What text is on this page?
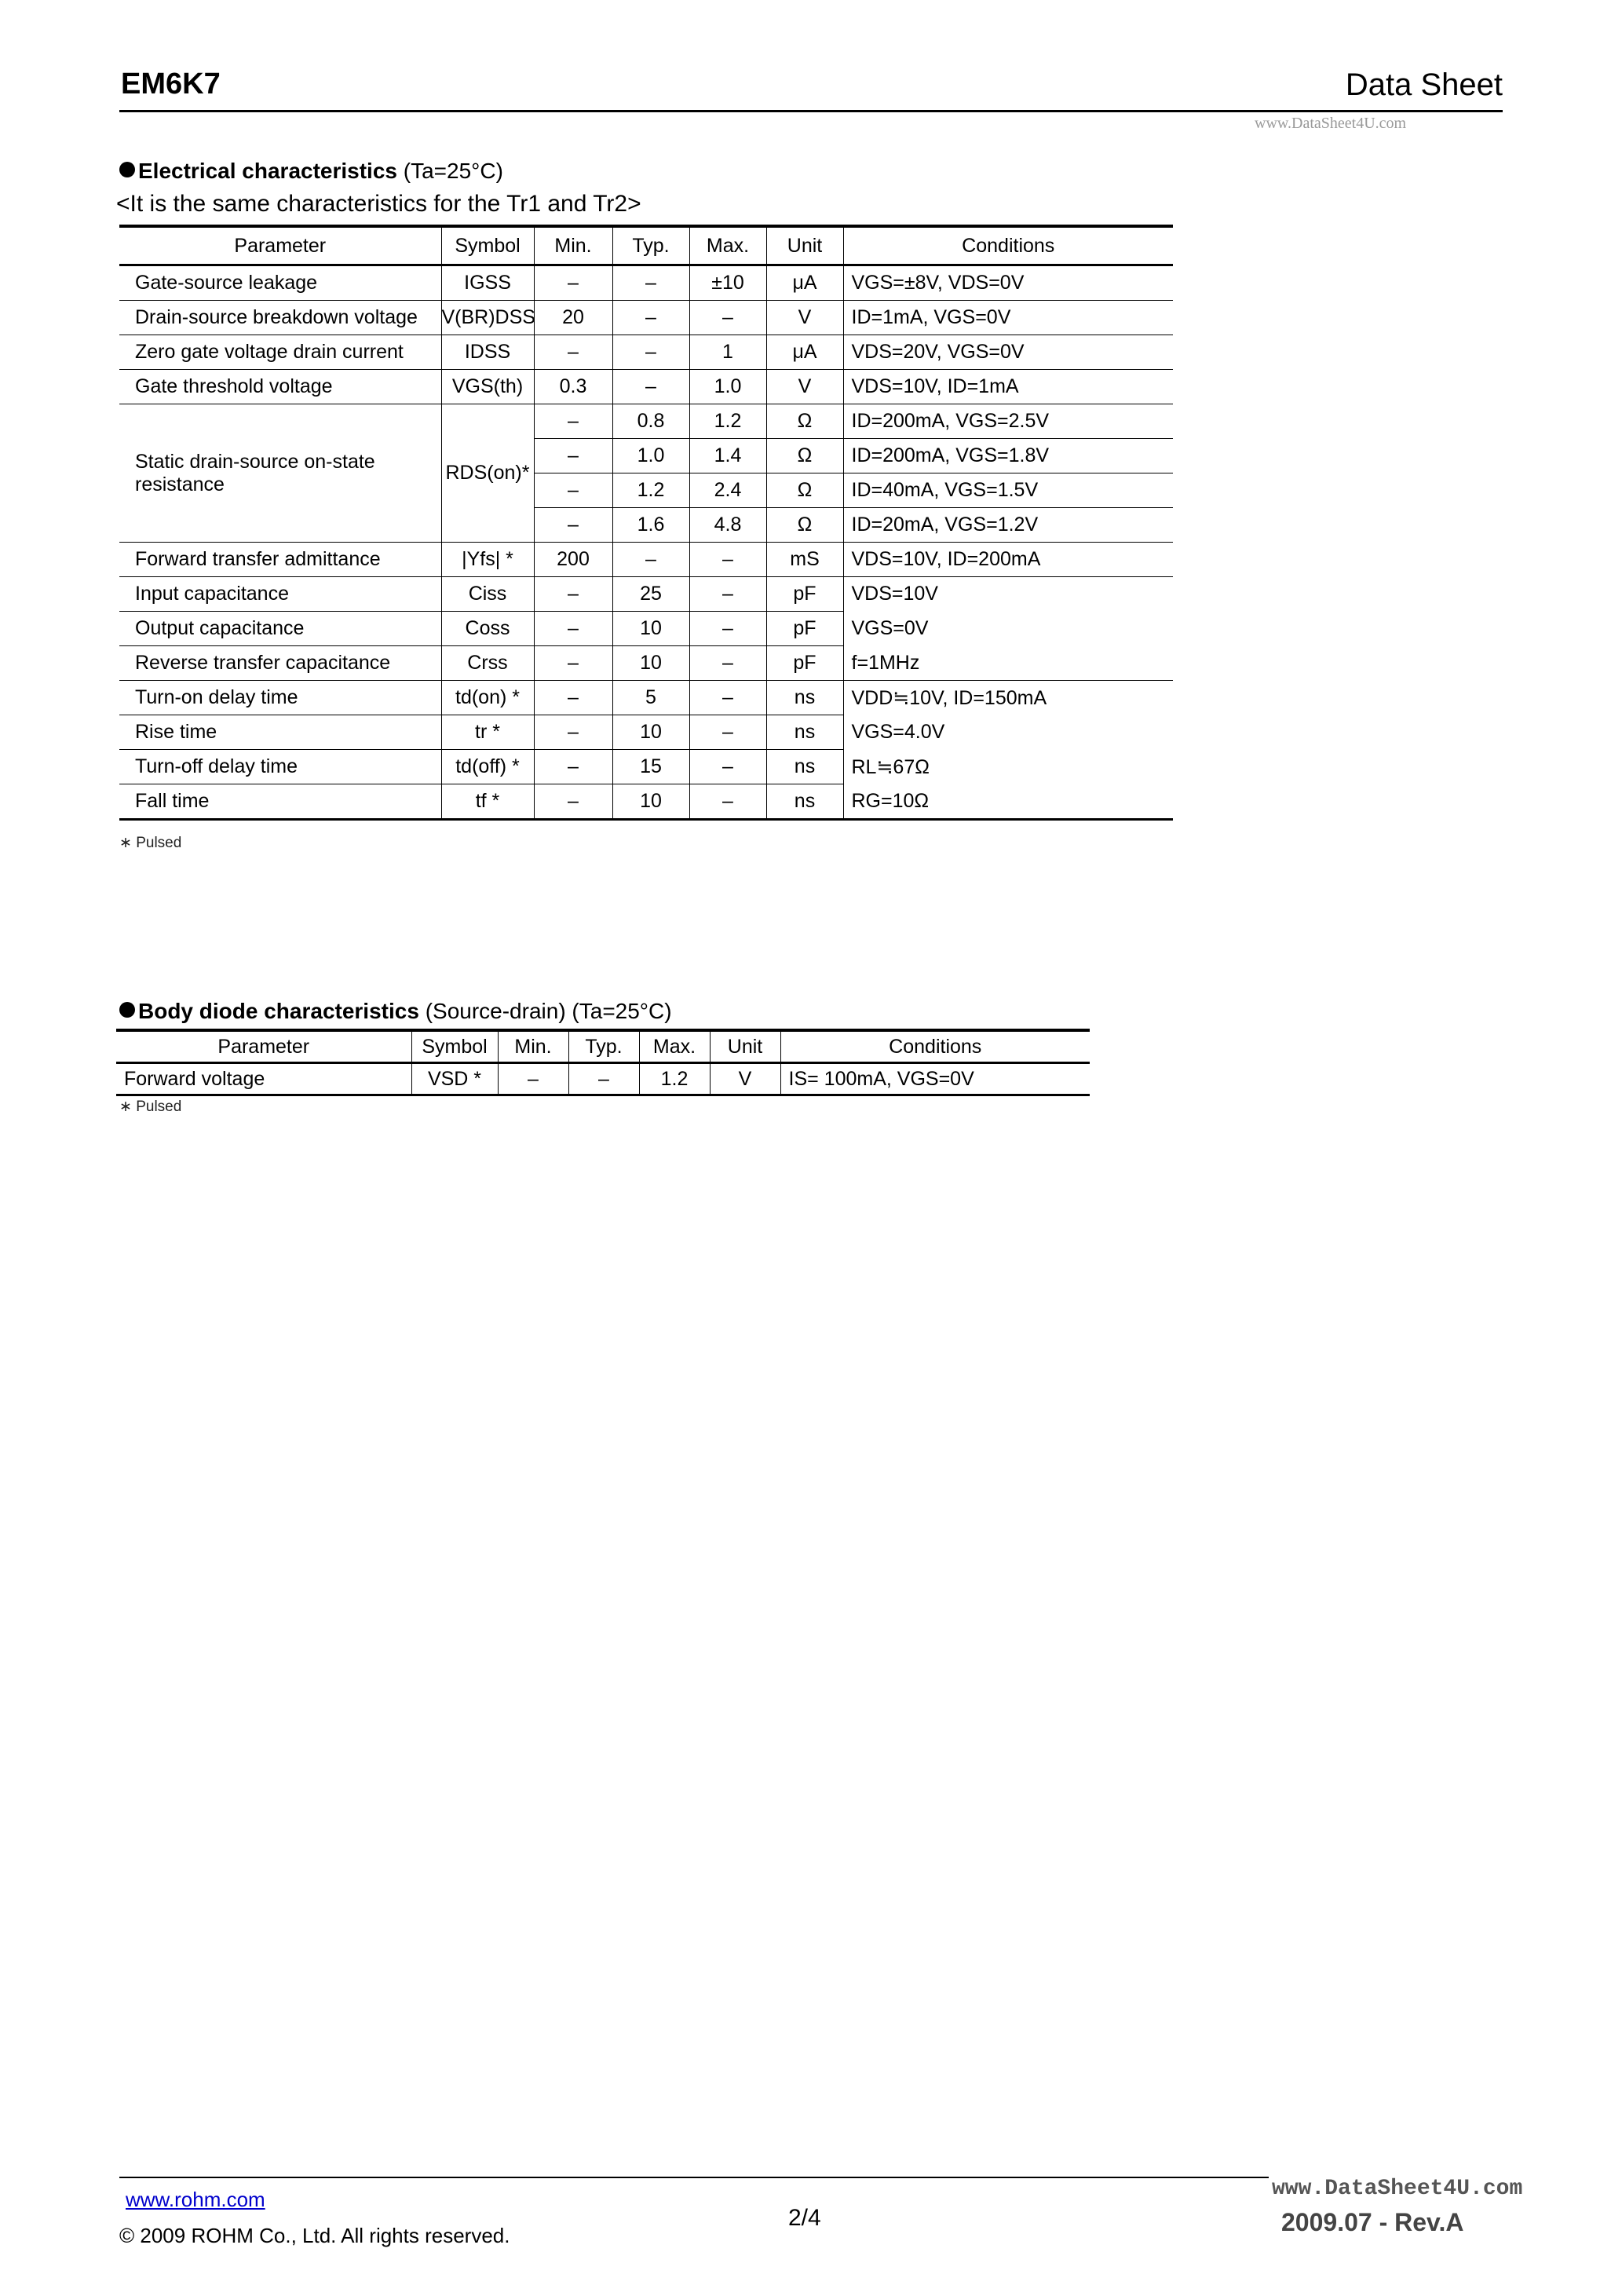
EM6K7	Data Sheet
www.DataSheet4U.com
Electrical characteristics (Ta=25°C)
<It is the same characteristics for the Tr1 and Tr2>
Parameter	Symbol	Min.	Typ.	Max.	Unit	Conditions
Gate-source leakage	IGSS	–	–	±10	μA	VGS=±8V, VDS=0V
Drain-source breakdown voltage	V(BR)DSS	20	–	–	V	ID=1mA, VGS=0V
Zero gate voltage drain current	IDSS	–	–	1	μA	VDS=20V, VGS=0V
Gate threshold voltage	VGS(th)	0.3	–	1.0	V	VDS=10V, ID=1mA
Static drain-source on-state resistance	RDS(on)*	–	0.8	1.2	Ω	ID=200mA, VGS=2.5V
		–	1.0	1.4	Ω	ID=200mA, VGS=1.8V
		–	1.2	2.4	Ω	ID=40mA, VGS=1.5V
		–	1.6	4.8	Ω	ID=20mA, VGS=1.2V
Forward transfer admittance	|Yfs| *	200	–	–	mS	VDS=10V, ID=200mA
Input capacitance	Ciss	–	25	–	pF	VDS=10V
Output capacitance	Coss	–	10	–	pF	VGS=0V
Reverse transfer capacitance	Crss	–	10	–	pF	f=1MHz
Turn-on delay time	td(on) *	–	5	–	ns	VDD≒10V, ID=150mA
Rise time	tr *	–	10	–	ns	VGS=4.0V
Turn-off delay time	td(off) *	–	15	–	ns	RL≒67Ω
Fall time	tf *	–	10	–	ns	RG=10Ω
∗ Pulsed
Body diode characteristics (Source-drain) (Ta=25°C)
Parameter	Symbol	Min.	Typ.	Max.	Unit	Conditions
Forward voltage	VSD *	–	–	1.2	V	IS= 100mA, VGS=0V
∗ Pulsed
www.rohm.com
© 2009 ROHM Co., Ltd. All rights reserved.
2/4	2009.07 - Rev.A
www.DataSheet4U.com
